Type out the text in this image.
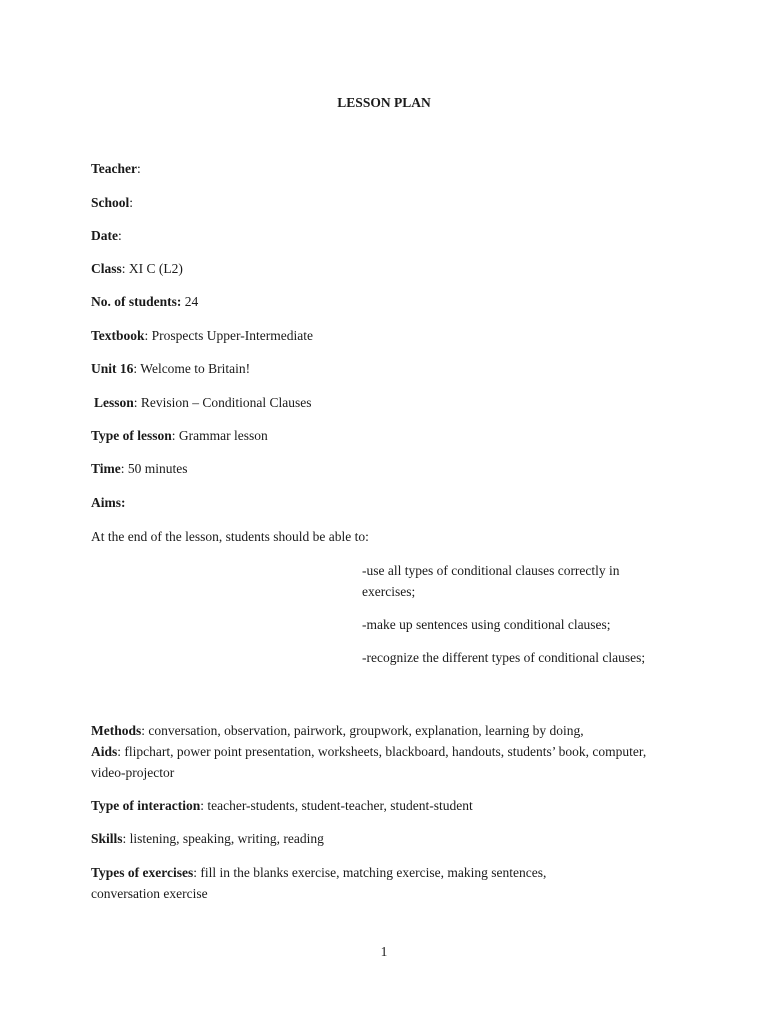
LESSON PLAN
Teacher:
School:
Date:
Class: XI C (L2)
No. of students: 24
Textbook: Prospects Upper-Intermediate
Unit 16: Welcome to Britain!
Lesson: Revision – Conditional Clauses
Type of lesson: Grammar lesson
Time: 50 minutes
Aims:
At the end of the lesson, students should be able to:
-use all types of conditional clauses correctly in exercises;
-make up sentences using conditional clauses;
-recognize the different types of conditional clauses;
Methods: conversation, observation, pairwork, groupwork, explanation, learning by doing,
Aids: flipchart, power point presentation, worksheets, blackboard, handouts, students’ book, computer, video-projector
Type of interaction: teacher-students, student-teacher, student-student
Skills: listening, speaking, writing, reading
Types of exercises: fill in the blanks exercise, matching exercise, making sentences, conversation exercise
1
